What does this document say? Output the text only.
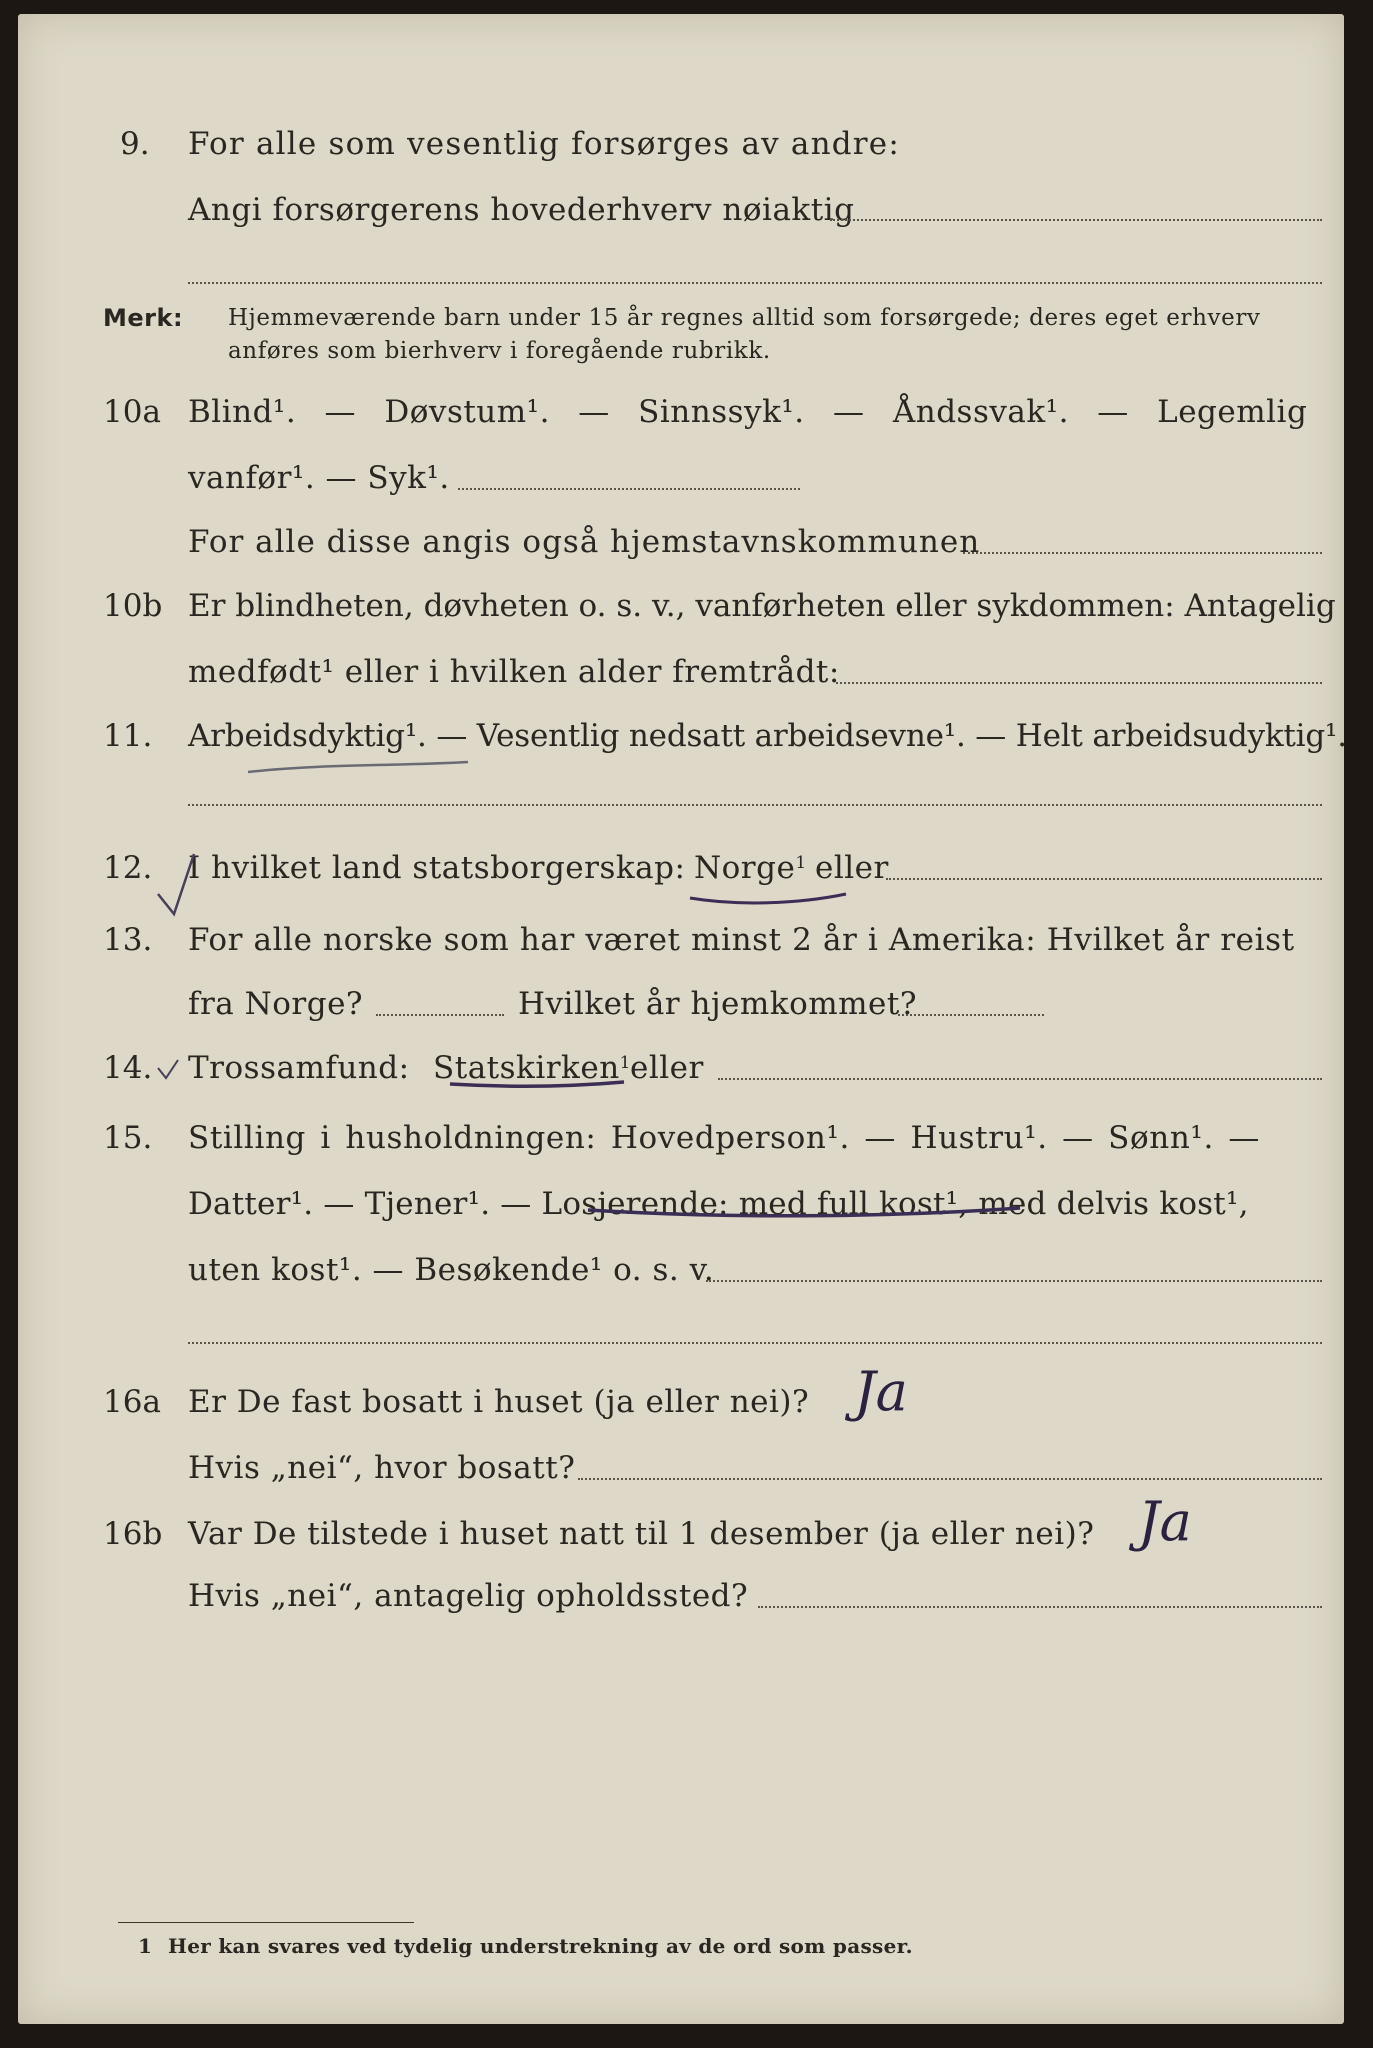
9. For alle som vesentlig forsørges av andre:
Angi forsørgerens hovederhverv nøiaktig
Merk: Hjemmeværende barn under 15 år regnes alltid som forsørgede; deres eget erhverv
anføres som bierhverv i foregående rubrikk.
10a Blind¹. — Døvstum¹. — Sinnssyk¹. — Åndssvak¹. — Legemlig
vanfør¹. — Syk¹.
For alle disse angis også hjemstavnskommunen
10b Er blindheten, døvheten o. s. v., vanførheten eller sykdommen: Antagelig
medfødt¹ eller i hvilken alder fremtrådt:
11. Arbeidsdyktig¹. — Vesentlig nedsatt arbeidsevne¹. — Helt arbeidsudyktig¹.
12. I hvilket land statsborgerskap: Norge$^1$ eller
13. For alle norske som har været minst 2 år i Amerika: Hvilket år reist
fra Norge?	Hvilket år hjemkommet?
14. Trossamfund: Statskirken$^1$ eller
15. Stilling i husholdningen: Hovedperson¹. — Hustru¹. — Sønn¹. —
Datter¹. — Tjener¹. — Losjerende: med full kost¹, med delvis kost¹,
uten kost¹. — Besøkende¹ o. s. v.
16a Er De fast bosatt i huset (ja eller nei)? Ja
Hvis „nei“, hvor bosatt?
16b Var De tilstede i huset natt til 1 desember (ja eller nei)? Ja
Hvis „nei“, antagelig opholdssted?
1 Her kan svares ved tydelig understrekning av de ord som passer.
